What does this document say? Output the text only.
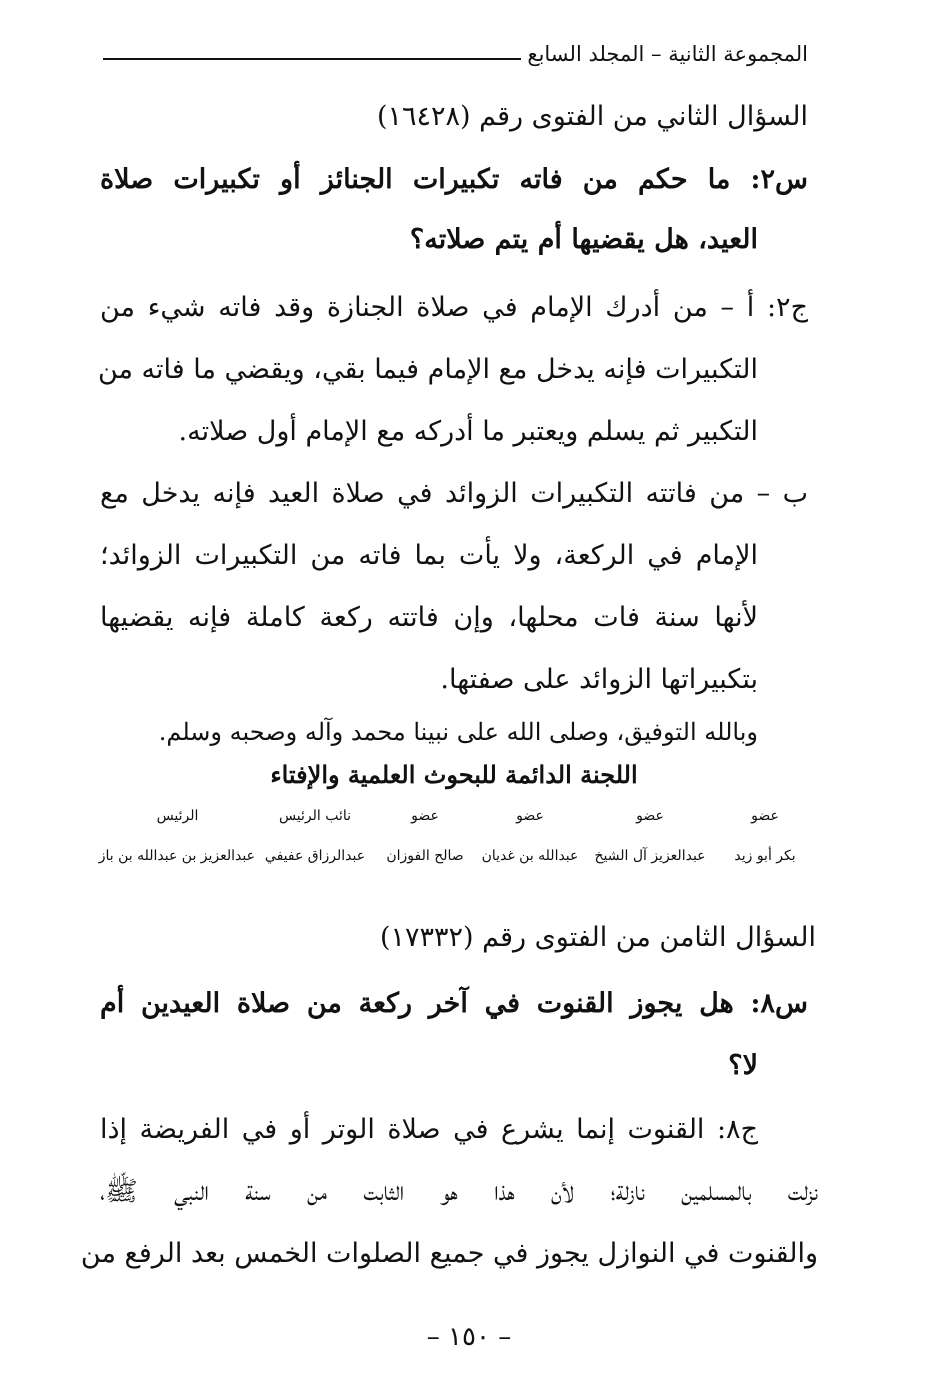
المجموعة الثانية – المجلد السابع
السؤال الثاني من الفتوى رقم (١٦٤٢٨)
س٢: ما حكم من فاته تكبيرات الجنائز أو تكبيرات صلاة
العيد، هل يقضيها أم يتم صلاته؟
ج٢: أ – من أدرك الإمام في صلاة الجنازة وقد فاته شيء من
التكبيرات فإنه يدخل مع الإمام فيما بقي، ويقضي ما فاته من
التكبير ثم يسلم ويعتبر ما أدركه مع الإمام أول صلاته.
ب – من فاتته التكبيرات الزوائد في صلاة العيد فإنه يدخل مع
الإمام في الركعة، ولا يأت بما فاته من التكبيرات الزوائد؛
لأنها سنة فات محلها، وإن فاتته ركعة كاملة فإنه يقضيها
بتكبيراتها الزوائد على صفتها.
وبالله التوفيق، وصلى الله على نبينا محمد وآله وصحبه وسلم.
اللجنة الدائمة للبحوث العلمية والإفتاء
عضو
عضو
عضو
عضو
نائب الرئيس
الرئيس
بكر أبو زيد
عبدالعزيز آل الشيخ
عبدالله بن غديان
صالح الفوزان
عبدالرزاق عفيفي
عبدالعزيز بن عبدالله بن باز
السؤال الثامن من الفتوى رقم (١٧٣٣٢)
س٨: هل يجوز القنوت في آخر ركعة من صلاة العيدين أم
لا؟
ج٨: القنوت إنما يشرع في صلاة الوتر أو في الفريضة إذا
نزلت بالمسلمين نازلة؛ لأن هذا هو الثابت من سنة النبي ﷺ،
والقنوت في النوازل يجوز في جميع الصلوات الخمس بعد الرفع من
– ١٥٠ –
